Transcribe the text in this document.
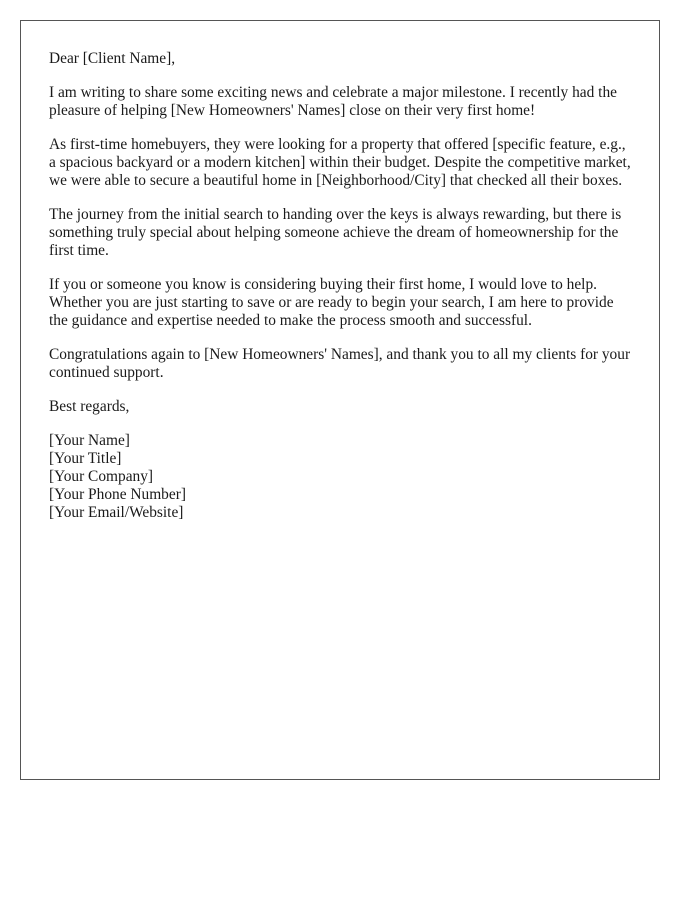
Dear [Client Name],

I am writing to share some exciting news and celebrate a major milestone. I recently had the pleasure of helping [New Homeowners' Names] close on their very first home!

As first-time homebuyers, they were looking for a property that offered [specific feature, e.g., a spacious backyard or a modern kitchen] within their budget. Despite the competitive market, we were able to secure a beautiful home in [Neighborhood/City] that checked all their boxes.

The journey from the initial search to handing over the keys is always rewarding, but there is something truly special about helping someone achieve the dream of homeownership for the first time.

If you or someone you know is considering buying their first home, I would love to help. Whether you are just starting to save or are ready to begin your search, I am here to provide the guidance and expertise needed to make the process smooth and successful.

Congratulations again to [New Homeowners' Names], and thank you to all my clients for your continued support.

Best regards,

[Your Name]
[Your Title]
[Your Company]
[Your Phone Number]
[Your Email/Website]
